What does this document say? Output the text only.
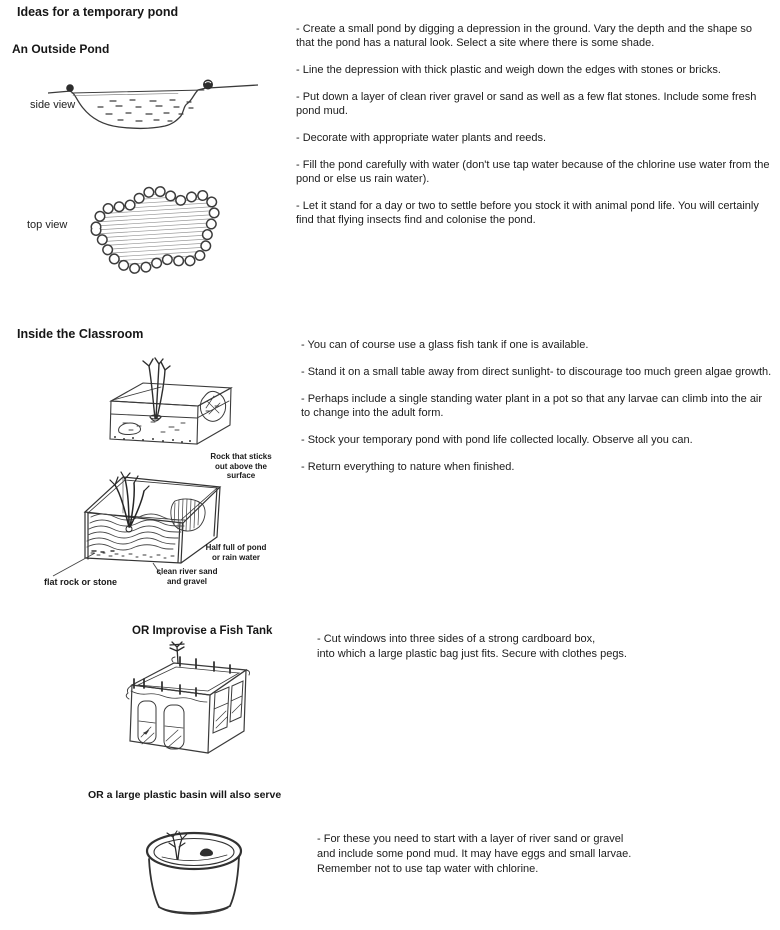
Ideas for a temporary pond
An Outside Pond
Inside the Classroom
OR Improvise a Fish Tank
OR a large plastic basin will also serve
side view
top view
Rock that sticks
out above the
surface
Half full of pond
or rain water
clean river sand
and gravel
flat rock or stone

- Create a small pond by digging a depression in the ground. Vary the depth and the shape so that the pond has a natural look. Select a site where there is some shade.

- Line the depression with thick plastic and weigh down the edges with stones or bricks.

- Put down a layer of clean river gravel or sand as well as a few flat stones. Include some fresh pond mud.

- Decorate with appropriate water plants and reeds.

- Fill the pond carefully with water (don't use tap water because of the chlorine use water from the pond or else us rain water).

- Let it stand for a day or two to settle before you stock it with animal pond life. You will certainly find that flying insects find and colonise the pond.

- You can of course use a glass fish tank if one is available.

- Stand it on a small table away from direct sunlight- to discourage too much green algae growth.

- Perhaps include a single standing water plant in a pot so that any larvae can climb into the air to change into the adult form.

- Stock your temporary pond with pond life collected locally. Observe all you can.

- Return everything to nature when finished.

- Cut windows into three sides of a strong cardboard box,
into which a large plastic bag just fits. Secure with clothes pegs.
- For these you need to start with a layer of river sand or gravel
and include some pond mud. It may have eggs and small larvae.
Remember not to use tap water with chlorine.
